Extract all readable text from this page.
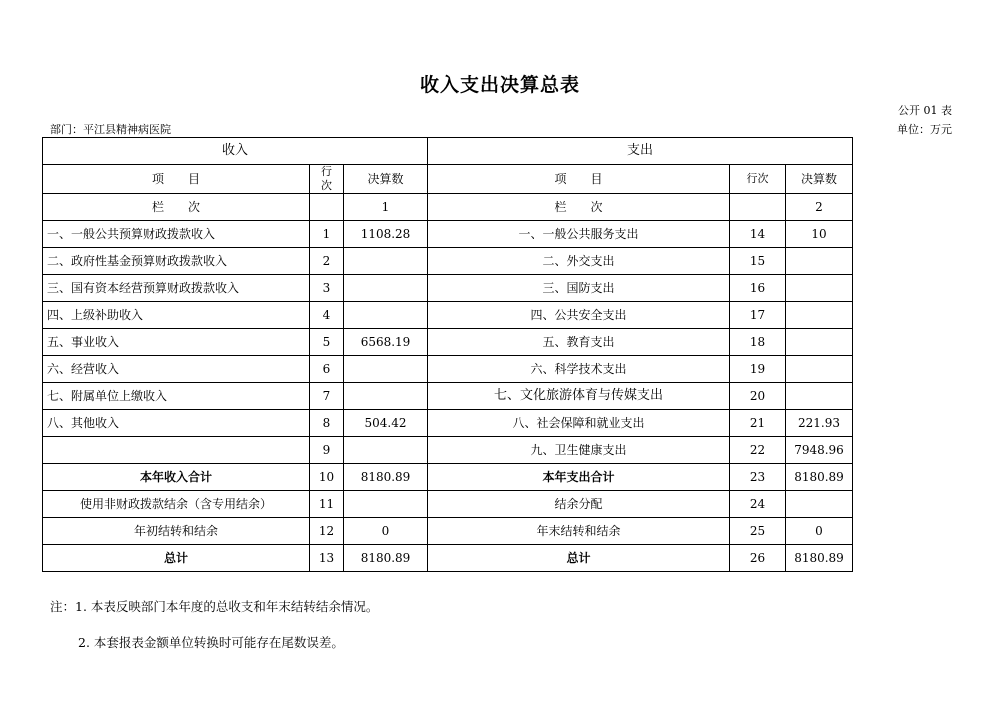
收入支出决算总表
公开 01 表
部门：平江县精神病医院	单位：万元
收入			支出		
项　　目	行次	决算数	项　　目	行次	决算数
栏　　次		1	栏　　次		2
一、一般公共预算财政拨款收入	1	1108.28	一、一般公共服务支出	14	10
二、政府性基金预算财政拨款收入	2		二、外交支出	15	
三、国有资本经营预算财政拨款收入	3		三、国防支出	16	
四、上级补助收入	4		四、公共安全支出	17	
五、事业收入	5	6568.19	五、教育支出	18	
六、经营收入	6		六、科学技术支出	19	
七、附属单位上缴收入	7		七、文化旅游体育与传媒支出	20	
八、其他收入	8	504.42	八、社会保障和就业支出	21	221.93
	9		九、卫生健康支出	22	7948.96
本年收入合计	10	8180.89	本年支出合计	23	8180.89
使用非财政拨款结余（含专用结余）	11		结余分配	24	
年初结转和结余	12	0	年末结转和结余	25	0
总计	13	8180.89	总计	26	8180.89
注：1. 本表反映部门本年度的总收支和年末结转结余情况。
2. 本套报表金额单位转换时可能存在尾数误差。
